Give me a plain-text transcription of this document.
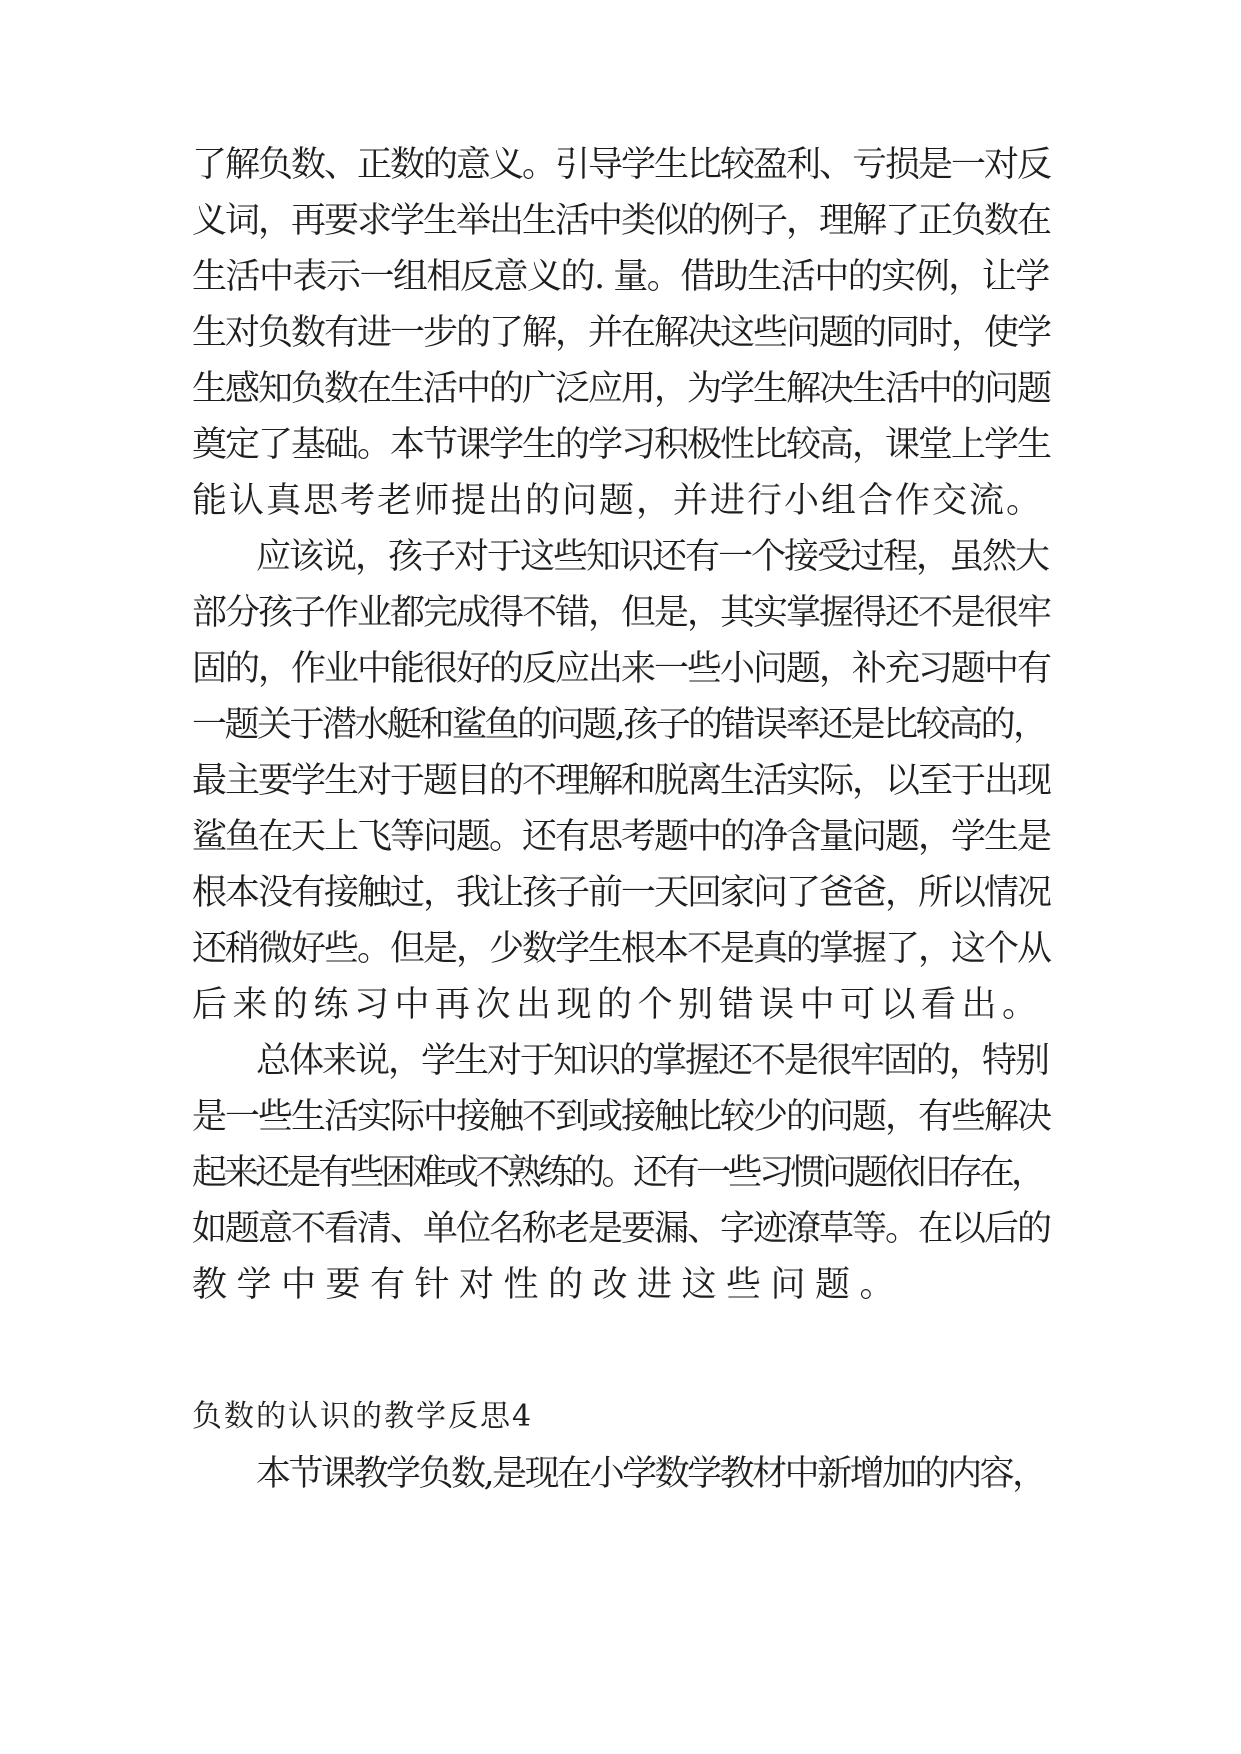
了解负数、正数的意义。引导学生比较盈利、亏损是一对反
义词，再要求学生举出生活中类似的例子，理解了正负数在
生活中表示一组相反意义的. 量。借助生活中的实例，让学
生对负数有进一步的了解，并在解决这些问题的同时，使学
生感知负数在生活中的广泛应用，为学生解决生活中的问题
奠定了基础。本节课学生的学习积极性比较高，课堂上学生
能认真思考老师提出的问题，并进行小组合作交流。
应该说，孩子对于这些知识还有一个接受过程，虽然大
部分孩子作业都完成得不错，但是，其实掌握得还不是很牢
固的，作业中能很好的反应出来一些小问题，补充习题中有
一题关于潜水艇和鲨鱼的问题,孩子的错误率还是比较高的，
最主要学生对于题目的不理解和脱离生活实际，以至于出现
鲨鱼在天上飞等问题。还有思考题中的净含量问题，学生是
根本没有接触过，我让孩子前一天回家问了爸爸，所以情况
还稍微好些。但是，少数学生根本不是真的掌握了，这个从
后来的练习中再次出现的个别错误中可以看出。
总体来说，学生对于知识的掌握还不是很牢固的，特别
是一些生活实际中接触不到或接触比较少的问题，有些解决
起来还是有些困难或不熟练的。还有一些习惯问题依旧存在，
如题意不看清、单位名称老是要漏、字迹潦草等。在以后的
教学中要有针对性的改进这些问题。
负数的认识的教学反思4
本节课教学负数,是现在小学数学教材中新增加的内容，
